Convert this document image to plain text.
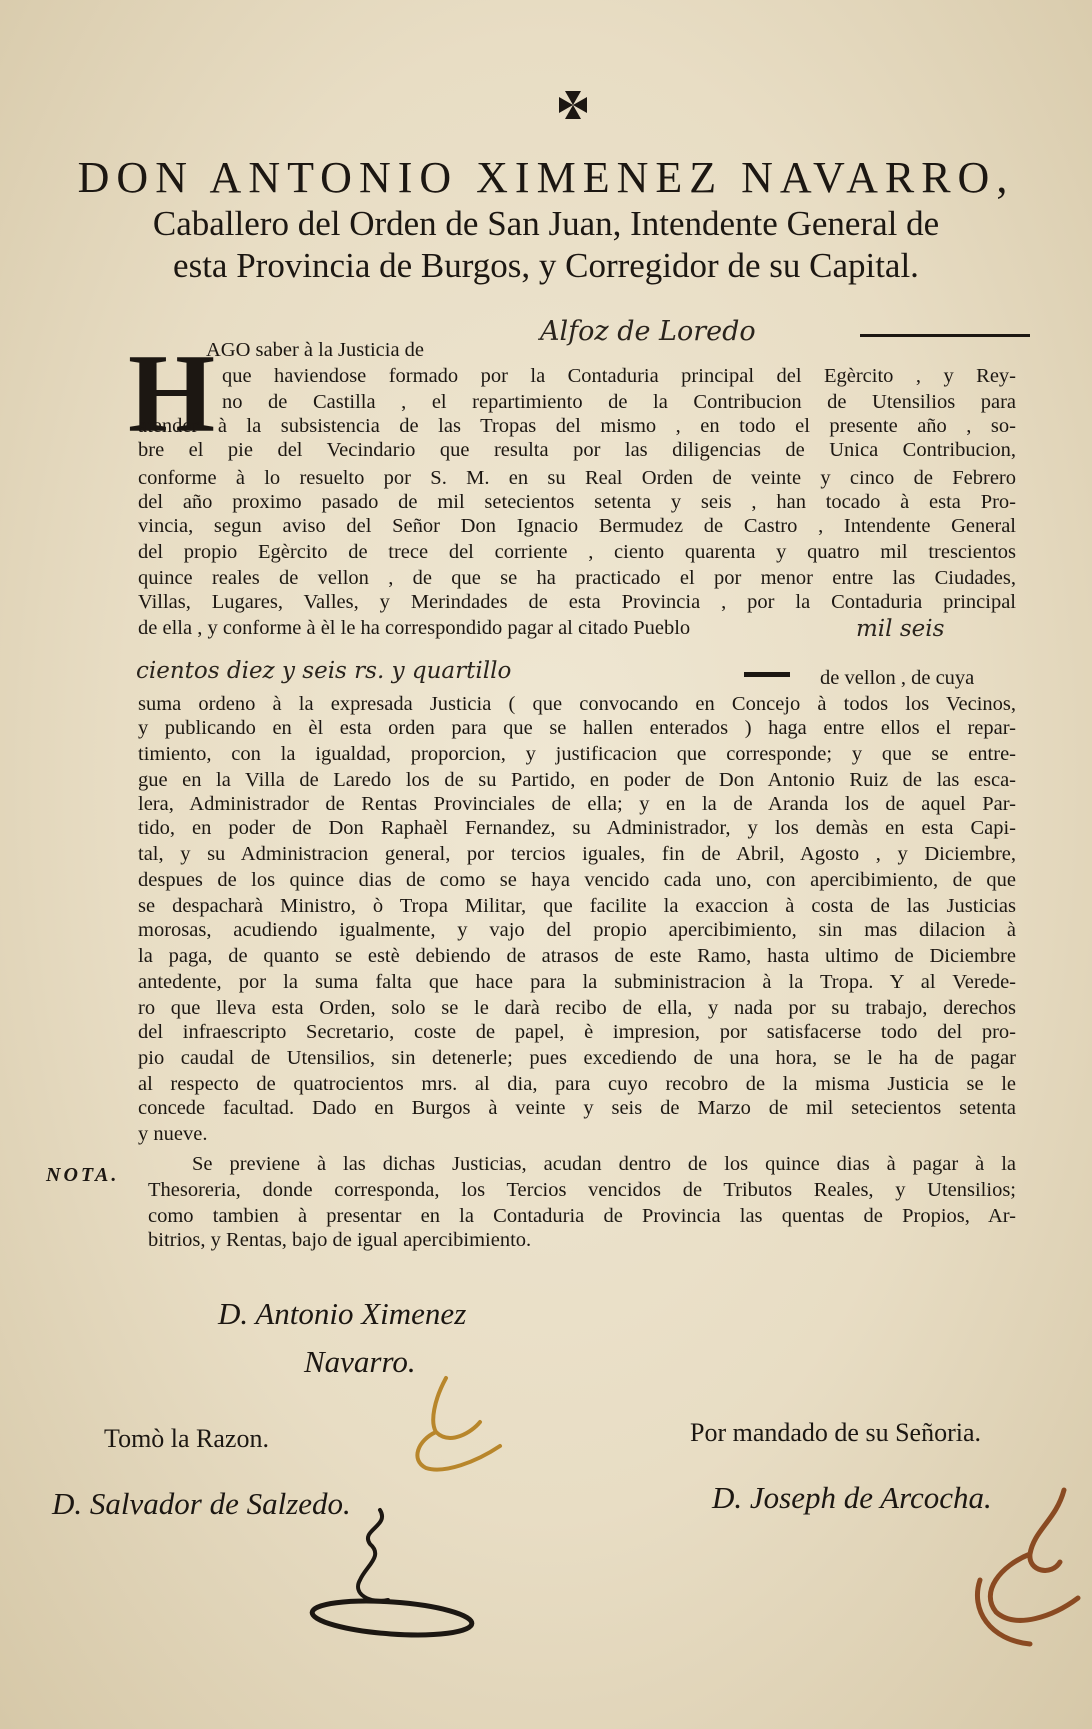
DON ANTONIO XIMENEZ NAVARRO,
Caballero del Orden de San Juan, Intendente General de
esta Provincia de Burgos, y Corregidor de su Capital.
H
AGO saber à la Justicia de
Alfoz de Loredo
que haviendose formado por la Contaduria principal del Egèrcito , y Rey-
no de Castilla , el repartimiento de la Contribucion de Utensilios para
atender à la subsistencia de las Tropas del mismo , en todo el presente año , so-
bre el pie del Vecindario que resulta por las diligencias de Unica Contribucion,
conforme à lo resuelto por S. M. en su Real Orden de veinte y cinco de Febrero
del año proximo pasado de mil setecientos setenta y seis , han tocado à esta Pro-
vincia, segun aviso del Señor Don Ignacio Bermudez de Castro , Intendente General
del propio Egèrcito de trece del corriente , ciento quarenta y quatro mil trescientos
quince reales de vellon , de que se ha practicado el por menor entre las Ciudades,
Villas, Lugares, Valles, y Merindades de esta Provincia , por la Contaduria principal
de ella , y conforme à èl le ha correspondido pagar al citado Pueblo	mil seis
cientos diez y seis rs. y quartillo	de vellon , de cuya
suma ordeno à la expresada Justicia ( que convocando en Concejo à todos los Vecinos,
y publicando en èl esta orden para que se hallen enterados ) haga entre ellos el repar-
timiento, con la igualdad, proporcion, y justificacion que corresponde; y que se entre-
gue en la Villa de Laredo los de su Partido, en poder de Don Antonio Ruiz de las esca-
lera, Administrador de Rentas Provinciales de ella; y en la de Aranda los de aquel Par-
tido, en poder de Don Raphaèl Fernandez, su Administrador, y los demàs en esta Capi-
tal, y su Administracion general, por tercios iguales, fin de Abril, Agosto , y Diciembre,
despues de los quince dias de como se haya vencido cada uno, con apercibimiento, de que
se despacharà Ministro, ò Tropa Militar, que facilite la exaccion à costa de las Justicias
morosas, acudiendo igualmente, y vajo del propio apercibimiento, sin mas dilacion à
la paga, de quanto se estè debiendo de atrasos de este Ramo, hasta ultimo de Diciembre
antedente, por la suma falta que hace para la subministracion à la Tropa. Y al Verede-
ro que lleva esta Orden, solo se le darà recibo de ella, y nada por su trabajo, derechos
del infraescripto Secretario, coste de papel, è impresion, por satisfacerse todo del pro-
pio caudal de Utensilios, sin detenerle; pues excediendo de una hora, se le ha de pagar
al respecto de quatrocientos mrs. al dia, para cuyo recobro de la misma Justicia se le
concede facultad. Dado en Burgos à veinte y seis de Marzo de mil setecientos setenta
y nueve.
NOTA.	Se previene à las dichas Justicias, acudan dentro de los quince dias à pagar à la
Thesoreria, donde corresponda, los Tercios vencidos de Tributos Reales, y Utensilios;
como tambien à presentar en la Contaduria de Provincia las quentas de Propios, Ar-
bitrios, y Rentas, bajo de igual apercibimiento.
D. Antonio Ximenez
Navarro.
Tomò la Razon.	Por mandado de su Señoria.
D. Salvador de Salzedo.	D. Joseph de Arcocha.
